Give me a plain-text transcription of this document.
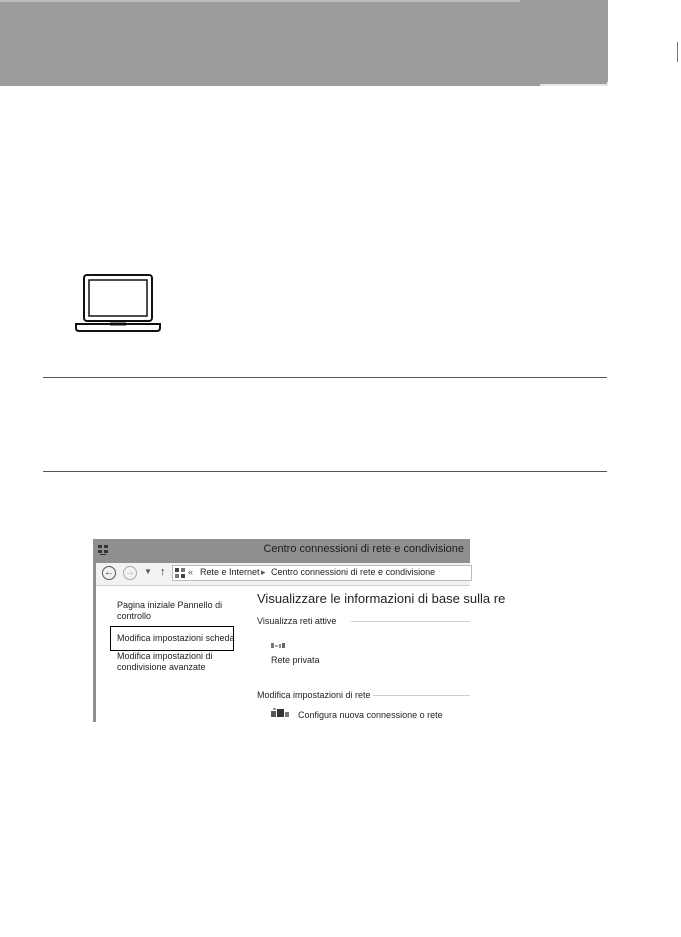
Centro connessioni di rete e condivisione
← → ▼ ↑	« Rete e Internet ▸ Centro connessioni di rete e condivisione
Pagina iniziale Pannello di
controllo
Modifica impostazioni scheda
Modifica impostazioni di
condivisione avanzate
Visualizzare le informazioni di base sulla re
Visualizza reti attive
Rete privata
Modifica impostazioni di rete
Configura nuova connessione o rete
